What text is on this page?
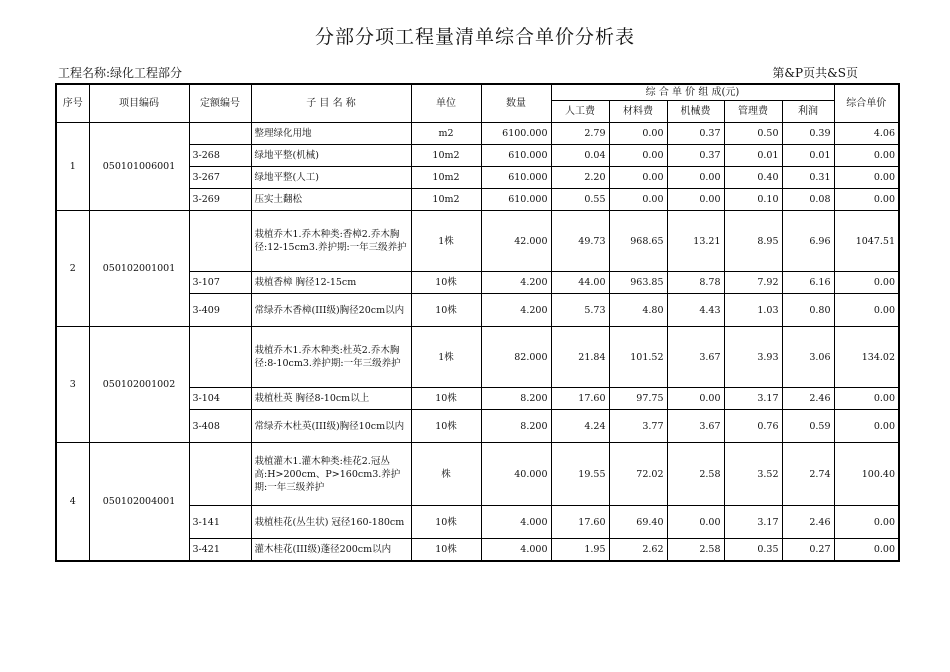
分部分项工程量清单综合单价分析表
工程名称:绿化工程部分	第&P页共&S页
序号	项目编码	定额编号	子 目 名 称	单位	数量	综 合 单 价 组 成(元)					综合单价
						人工费	材料费	机械费	管理费	利润	
1	050101006001		整理绿化用地	m2	6100.000	2.79	0.00	0.37	0.50	0.39	4.06
		3-268	绿地平整(机械)	10m2	610.000	0.04	0.00	0.37	0.01	0.01	0.00
		3-267	绿地平整(人工)	10m2	610.000	2.20	0.00	0.00	0.40	0.31	0.00
		3-269	压实土翻松	10m2	610.000	0.55	0.00	0.00	0.10	0.08	0.00
2	050102001001		栽植乔木1.乔木种类:香樟2.乔木胸径:12-15cm3.养护期:一年三级养护	1株	42.000	49.73	968.65	13.21	8.95	6.96	1047.51
		3-107	栽植香樟 胸径12-15cm	10株	4.200	44.00	963.85	8.78	7.92	6.16	0.00
		3-409	常绿乔木香樟(III级)胸径20cm以内	10株	4.200	5.73	4.80	4.43	1.03	0.80	0.00
3	050102001002		栽植乔木1.乔木种类:杜英2.乔木胸径:8-10cm3.养护期:一年三级养护	1株	82.000	21.84	101.52	3.67	3.93	3.06	134.02
		3-104	栽植杜英 胸径8-10cm以上	10株	8.200	17.60	97.75	0.00	3.17	2.46	0.00
		3-408	常绿乔木杜英(III级)胸径10cm以内	10株	8.200	4.24	3.77	3.67	0.76	0.59	0.00
4	050102004001		栽植灌木1.灌木种类:桂花2.冠丛高:H>200cm、P>160cm3.养护期:一年三级养护	株	40.000	19.55	72.02	2.58	3.52	2.74	100.40
		3-141	栽植桂花(丛生状) 冠径160-180cm	10株	4.000	17.60	69.40	0.00	3.17	2.46	0.00
		3-421	灌木桂花(III级)蓬径200cm以内	10株	4.000	1.95	2.62	2.58	0.35	0.27	0.00
